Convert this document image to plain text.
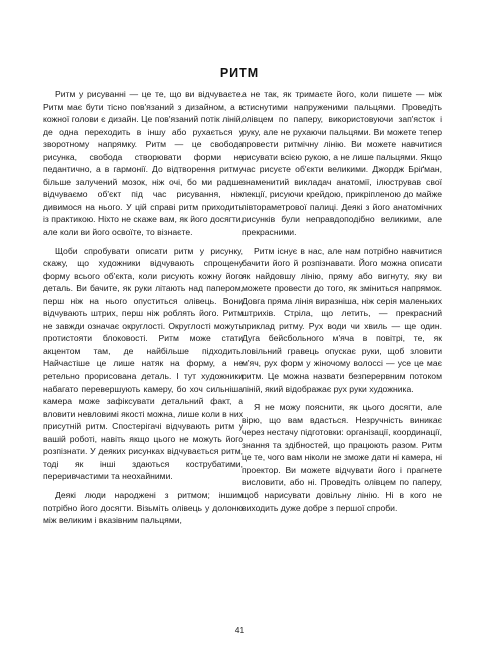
РИТМ

Ритм у рисуванні — це те, що ви відчуваєте. Ритм має бути тісно пов'язаний з дизайном, а в кожної голови є дизайн. Це пов'язаний потік ліній, де одна переходить в іншу або рухається у зворотному напрямку. Ритм — це свобода рисунка, свобода створювати форми не педантично, а в гармонії. До відтворення ритму більше залучений мозок, ніж очі, бо ми радше відчуваємо об'єкт під час рисування, ніж дивимося на нього. У цій справі ритм приходить із практикою. Ніхто не скаже вам, як його досягти, але коли ви його освоїте, то візнаєте.

Щоби спробувати описати ритм у рисунку, скажу, що художники відчувають спрощену форму всього об'єкта, коли рисують кожну його деталь. Ви бачите, як руки літають над папером, перш ніж на нього опуститься олівець. Вони відчувають штрих, перш ніж роблять його. Ритм не завжди означає округлості. Округлості можуть протистояти блоковості. Ритм може стати акцентом там, де найбільше підходить. Найчастіше це лише натяк на форму, а не ретельно прорисована деталь. І тут художники набагато перевершують камеру, бо хоч сильніша камера може зафіксувати детальний факт, а вловити невловимі якості можна, лише коли в них присутній ритм. Спостерігачі відчувають ритм у вашій роботі, навіть якщо цього не можуть його розпізнати. У деяких рисунках відчувається ритм, тоді як інші здаються кострубатими, переривчастими та неохайними.

Деякі люди народжені з ритмом; іншим потрібно його досягти. Візьміть олівець у долоню між великим і вказівним пальцями,

а не так, як тримаєте його, коли пишете — між стиснутими напруженими пальцями. Проведіть олівцем по паперу, використовуючи зап'ясток і руку, але не рухаючи пальцями. Ви можете тепер провести ритмічну лінію. Ви можете навчитися рисувати всією рукою, а не лише пальцями. Якщо час рисуєте об'єкти великими. Джордж Бріґман, знаменитий викладач анатомії, ілюстрував свої лекції, рисуючи крейдою, прикріпленою до майже півтораметрової палиці. Деякі з його анатомічних рисунків були неправдоподібно великими, але прекрасними.

Ритм існує в нас, але нам потрібно навчитися бачити його й розпізнавати. Його можна описати як найдовшу лінію, пряму або вигнуту, яку ви можете провести до того, як зміниться напрямок. Довга пряма лінія виразніша, ніж серія маленьких штрихів. Стріла, що летить, — прекрасний приклад ритму. Рух води чи хвиль — ще один. Дуга бейсбольного м'яча в повітрі, те, як повільний гравець опускає руки, щоб зловити м'яч, рух форм у жіночому волоссі — усе це має ритм. Це можна назвати безперервним потоком ліній, який відображає рух руки художника.

Я не можу пояснити, як цього досягти, але вірю, що вам вдасться. Незручність виникає через нестачу підготовки: організації, координації, знання та здібностей, що працюють разом. Ритм це те, чого вам ніколи не зможе дати ні камера, ні проектор. Ви можете відчувати його і прагнете висловити, або ні. Проведіть олівцем по паперу, щоб нарисувати довільну лінію. Ні в кого не виходить дуже добре з першої спроби.

41
